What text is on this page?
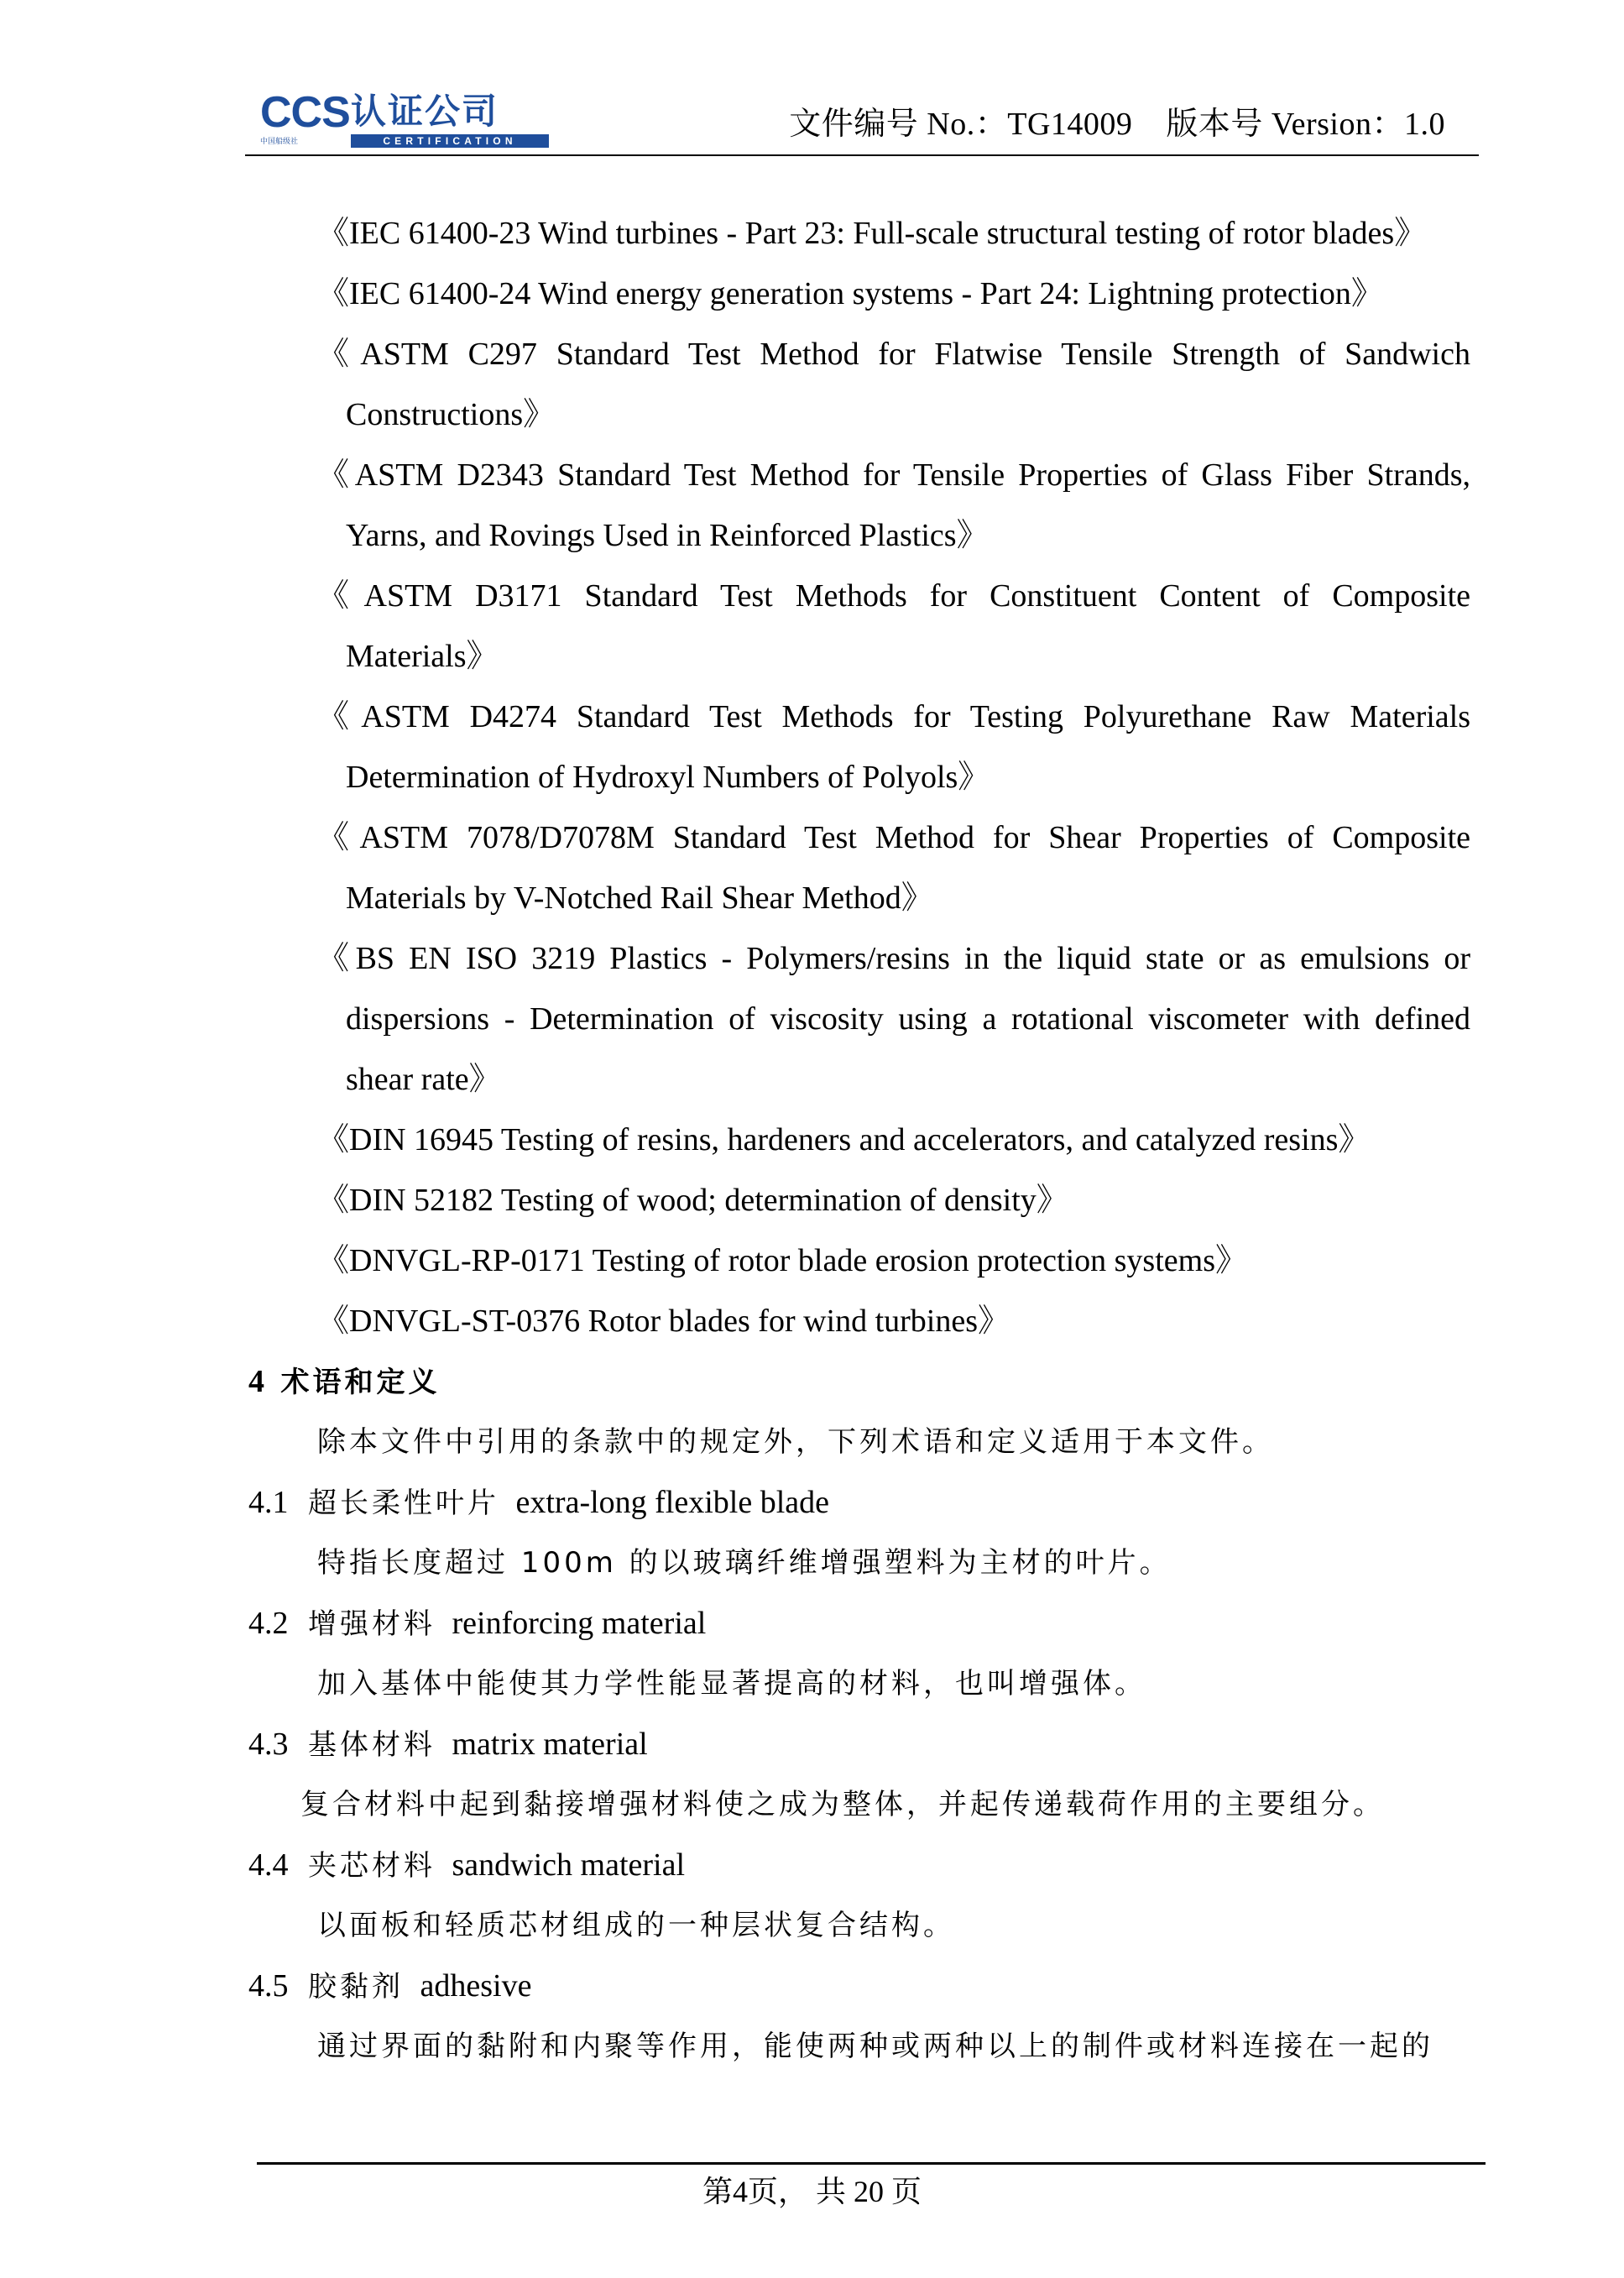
CCS 认证公司
中国船级社	CERTIFICATION	文件编号 No.：TG14009    版本号 Version：1.0
《IEC 61400-23 Wind turbines - Part 23: Full-scale structural testing of rotor blades》
《IEC 61400-24 Wind energy generation systems - Part 24: Lightning protection》
《ASTM C297 Standard Test Method for Flatwise Tensile Strength of Sandwich
Constructions》
《ASTM D2343 Standard Test Method for Tensile Properties of Glass Fiber Strands,
Yarns, and Rovings Used in Reinforced Plastics》
《ASTM D3171 Standard Test Methods for Constituent Content of Composite
Materials》
《ASTM D4274 Standard Test Methods for Testing Polyurethane Raw Materials
Determination of Hydroxyl Numbers of Polyols》
《ASTM 7078/D7078M Standard Test Method for Shear Properties of Composite
Materials by V-Notched Rail Shear Method》
《BS EN ISO 3219 Plastics - Polymers/resins in the liquid state or as emulsions or
dispersions - Determination of viscosity using a rotational viscometer with defined
shear rate》
《DIN 16945 Testing of resins, hardeners and accelerators, and catalyzed resins》
《DIN 52182 Testing of wood; determination of density》
《DNVGL-RP-0171 Testing of rotor blade erosion protection systems》
《DNVGL-ST-0376 Rotor blades for wind turbines》
4 术语和定义
除本文件中引用的条款中的规定外，下列术语和定义适用于本文件。
4.1 超长柔性叶片 extra-long flexible blade
特指长度超过 100m 的以玻璃纤维增强塑料为主材的叶片。
4.2 增强材料 reinforcing material
加入基体中能使其力学性能显著提高的材料，也叫增强体。
4.3 基体材料 matrix material
复合材料中起到黏接增强材料使之成为整体，并起传递载荷作用的主要组分。
4.4 夹芯材料 sandwich material
以面板和轻质芯材组成的一种层状复合结构。
4.5 胶黏剂 adhesive
通过界面的黏附和内聚等作用，能使两种或两种以上的制件或材料连接在一起的
第4页， 共 20 页
